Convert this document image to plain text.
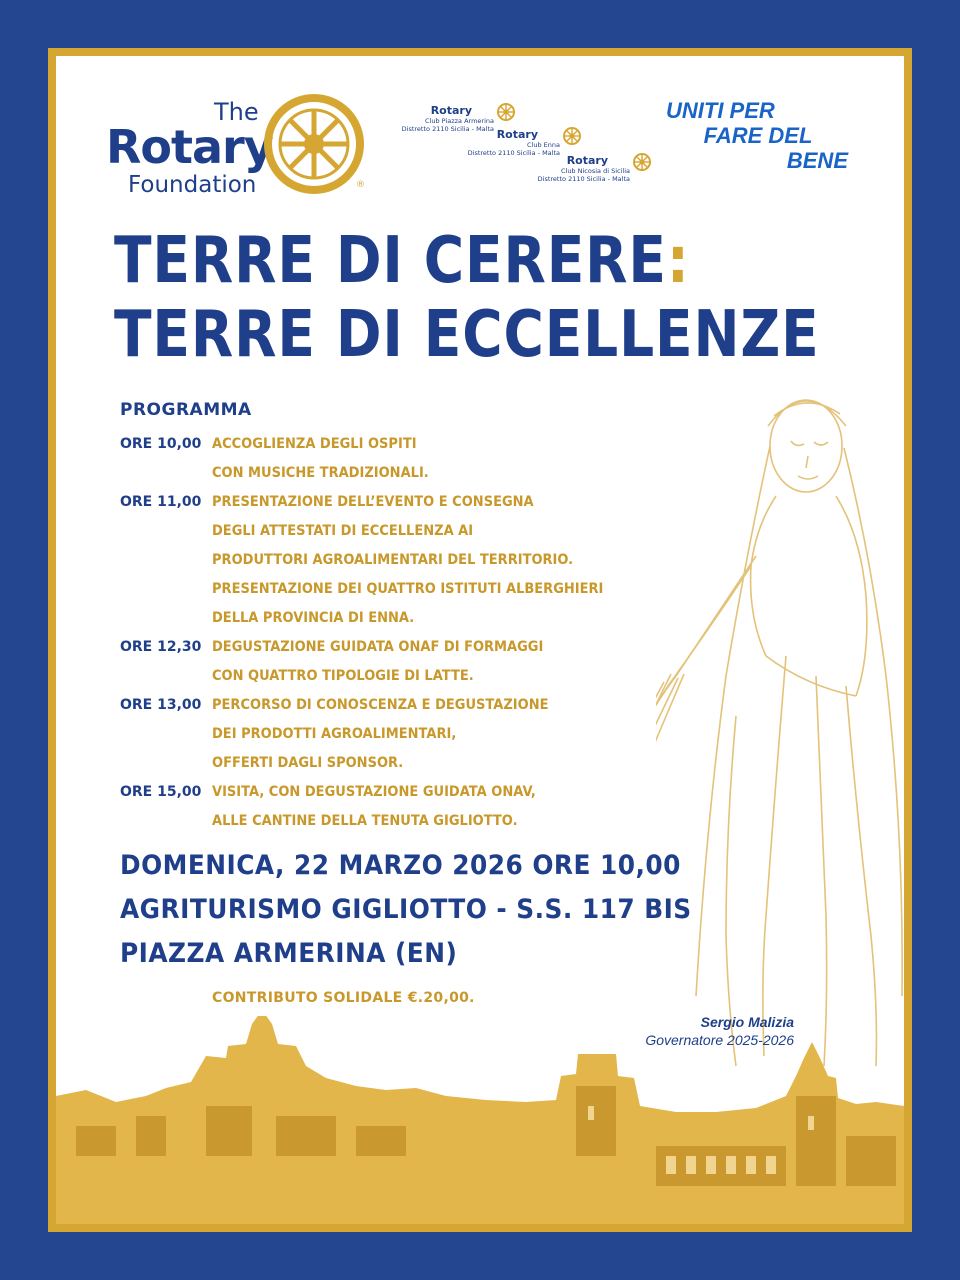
The
Rotary
Foundation	®
Rotary
Club Piazza Armerina
Distretto 2110 Sicilia - Malta Rotary
Club Enna
Distretto 2110 Sicilia - Malta
Rotary
Club Nicosia di Sicilia
Distretto 2110 Sicilia - Malta
UNITI PER
FARE DEL
BENE
TERRE DI CERERE:
TERRE DI ECCELLENZE
PROGRAMMA
ORE 10,00 ACCOGLIENZA DEGLI OSPITI
CON MUSICHE TRADIZIONALI.
ORE 11,00 PRESENTAZIONE DELL’EVENTO E CONSEGNA
DEGLI ATTESTATI DI ECCELLENZA AI
PRODUTTORI AGROALIMENTARI DEL TERRITORIO.
PRESENTAZIONE DEI QUATTRO ISTITUTI ALBERGHIERI
DELLA PROVINCIA DI ENNA.
ORE 12,30 DEGUSTAZIONE GUIDATA ONAF DI FORMAGGI
CON QUATTRO TIPOLOGIE DI LATTE.
ORE 13,00 PERCORSO DI CONOSCENZA E DEGUSTAZIONE
DEI PRODOTTI AGROALIMENTARI,
OFFERTI DAGLI SPONSOR.
ORE 15,00 VISITA, CON DEGUSTAZIONE GUIDATA ONAV,
ALLE CANTINE DELLA TENUTA GIGLIOTTO.
DOMENICA, 22 MARZO 2026 ORE 10,00
AGRITURISMO GIGLIOTTO - S.S. 117 BIS
PIAZZA ARMERINA (EN)
CONTRIBUTO SOLIDALE €.20,00.
Sergio Malizia
Governatore 2025-2026
